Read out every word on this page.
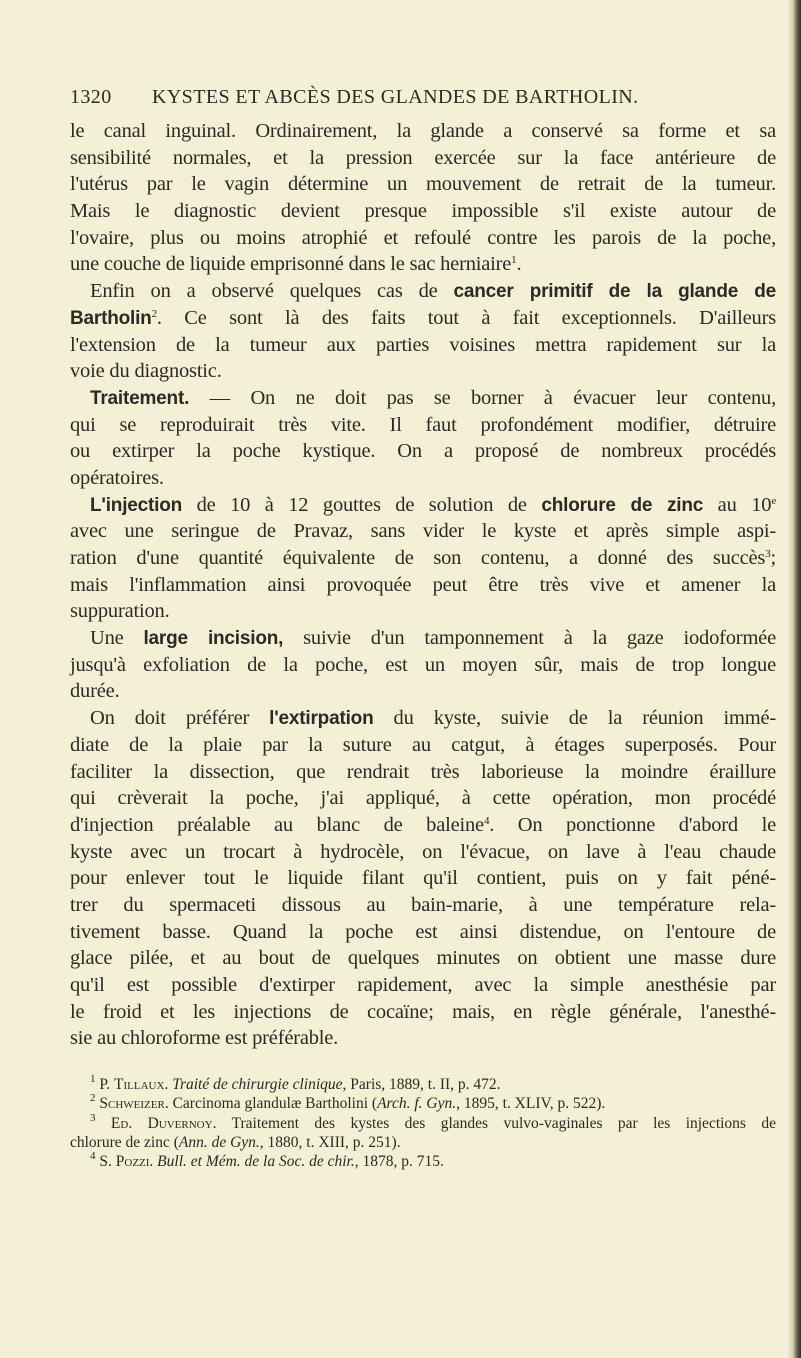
1320 KYSTES ET ABCÈS DES GLANDES DE BARTHOLIN.
le canal inguinal. Ordinairement, la glande a conservé sa forme et sa
sensibilité normales, et la pression exercée sur la face antérieure de
l'utérus par le vagin détermine un mouvement de retrait de la tumeur.
Mais le diagnostic devient presque impossible s'il existe autour de
l'ovaire, plus ou moins atrophié et refoulé contre les parois de la poche,
une couche de liquide emprisonné dans le sac herniaire$^1$.
Enfin on a observé quelques cas de cancer primitif de la glande de
Bartholin$^2$. Ce sont là des faits tout à fait exceptionnels. D'ailleurs
l'extension de la tumeur aux parties voisines mettra rapidement sur la
voie du diagnostic.
Traitement. — On ne doit pas se borner à évacuer leur contenu,
qui se reproduirait très vite. Il faut profondément modifier, détruire
ou extirper la poche kystique. On a proposé de nombreux procédés
opératoires.
L'injection de 10 à 12 gouttes de solution de chlorure de zinc au 10e
avec une seringue de Pravaz, sans vider le kyste et après simple aspi-
ration d'une quantité équivalente de son contenu, a donné des succès$^3$;
mais l'inflammation ainsi provoquée peut être très vive et amener la
suppuration.
Une large incision, suivie d'un tamponnement à la gaze iodoformée
jusqu'à exfoliation de la poche, est un moyen sûr, mais de trop longue
durée.
On doit préférer l'extirpation du kyste, suivie de la réunion immé-
diate de la plaie par la suture au catgut, à étages superposés. Pour
faciliter la dissection, que rendrait très laborieuse la moindre éraillure
qui crèverait la poche, j'ai appliqué, à cette opération, mon procédé
d'injection préalable au blanc de baleine$^4$. On ponctionne d'abord le
kyste avec un trocart à hydrocèle, on l'évacue, on lave à l'eau chaude
pour enlever tout le liquide filant qu'il contient, puis on y fait péné-
trer du spermaceti dissous au bain-marie, à une température rela-
tivement basse. Quand la poche est ainsi distendue, on l'entoure de
glace pilée, et au bout de quelques minutes on obtient une masse dure
qu'il est possible d'extirper rapidement, avec la simple anesthésie par
le froid et les injections de cocaïne; mais, en règle générale, l'anesthé-
sie au chloroforme est préférable.
$^1$ P. Tillaux. Traité de chirurgie clinique, Paris, 1889, t. II, p. 472.
$^2$ Schweizer. Carcinoma glandulæ Bartholini (Arch. f. Gyn., 1895, t. XLIV, p. 522).
$^3$ Ed. Duvernoy. Traitement des kystes des glandes vulvo-vaginales par les injections de
chlorure de zinc (Ann. de Gyn., 1880, t. XIII, p. 251).
$^4$ S. Pozzi. Bull. et Mém. de la Soc. de chir., 1878, p. 715.
